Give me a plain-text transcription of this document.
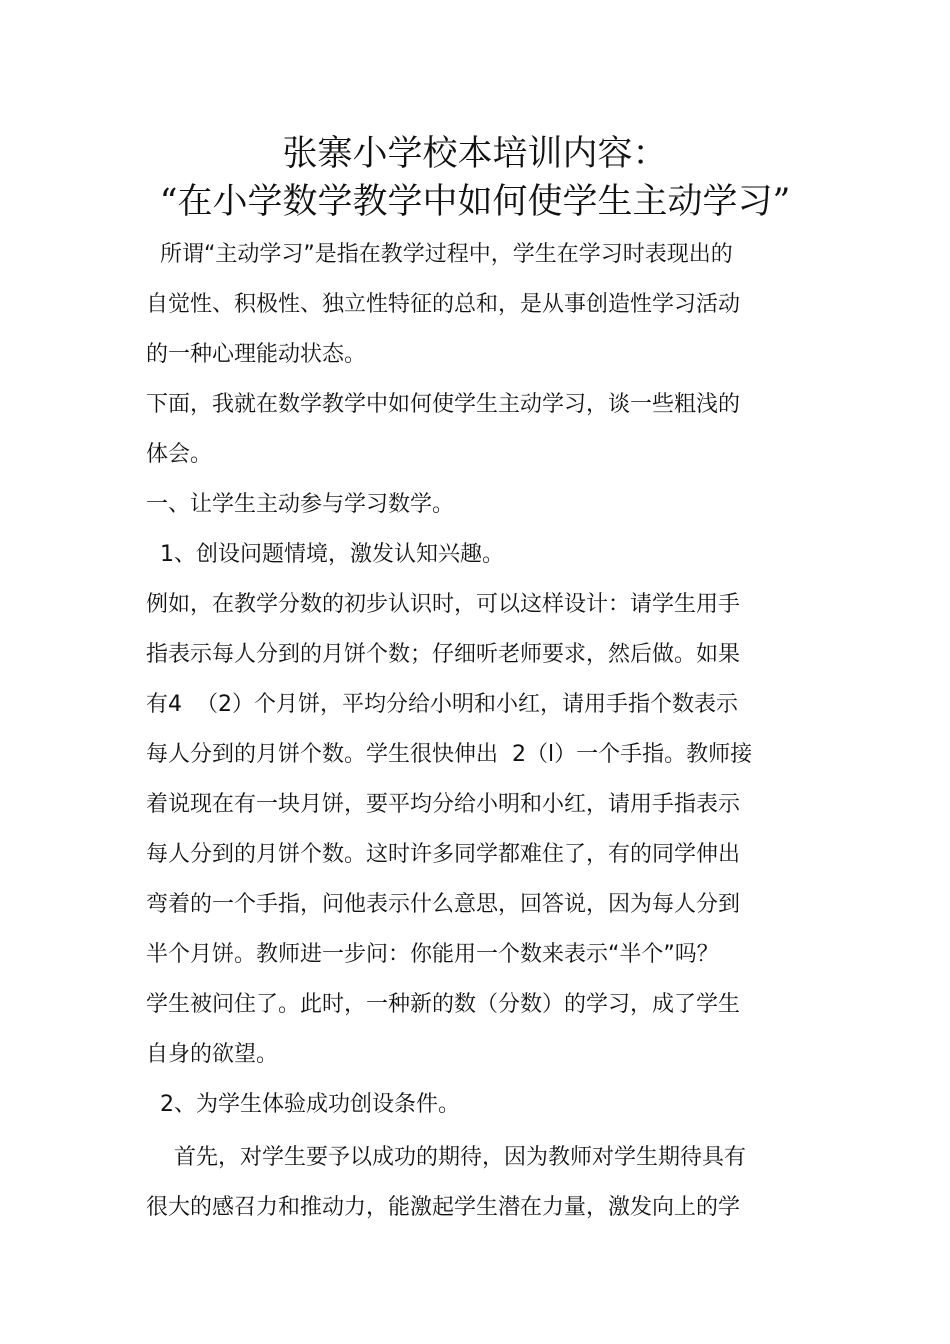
张寨小学校本培训内容：
“在小学数学教学中如何使学生主动学习”
所谓“主动学习”是指在教学过程中，学生在学习时表现出的
自觉性、积极性、独立性特征的总和，是从事创造性学习活动
的一种心理能动状态。
下面，我就在数学教学中如何使学生主动学习，谈一些粗浅的
体会。
一、让学生主动参与学习数学。
1、创设问题情境，激发认知兴趣。
例如，在教学分数的初步认识时，可以这样设计：请学生用手
指表示每人分到的月饼个数；仔细听老师要求，然后做。如果
有4  （2）个月饼，平均分给小明和小红，请用手指个数表示
每人分到的月饼个数。学生很快伸出  2（l）一个手指。教师接
着说现在有一块月饼，要平均分给小明和小红，请用手指表示
每人分到的月饼个数。这时许多同学都难住了，有的同学伸出
弯着的一个手指，问他表示什么意思，回答说，因为每人分到
半个月饼。教师进一步问：你能用一个数来表示“半个”吗？
学生被问住了。此时，一种新的数（分数）的学习，成了学生
自身的欲望。
2、为学生体验成功创设条件。
首先，对学生要予以成功的期待，因为教师对学生期待具有
很大的感召力和推动力，能激起学生潜在力量，激发向上的学
